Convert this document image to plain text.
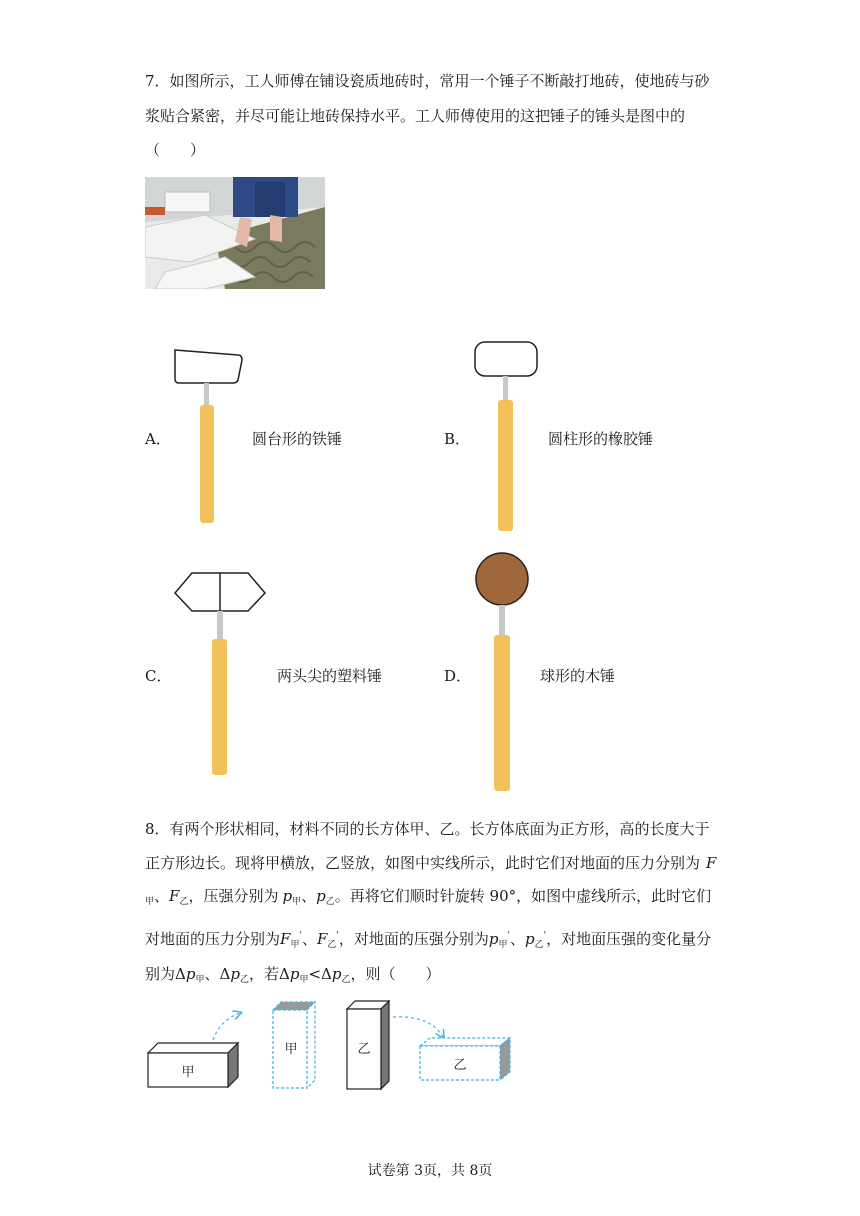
7．如图所示，工人师傅在铺设瓷质地砖时，常用一个锤子不断敲打地砖，使地砖与砂
浆贴合紧密，并尽可能让地砖保持水平。工人师傅使用的这把锤子的锤头是图中的
（　　）
A．	圆台形的铁锤	B．	圆柱形的橡胶锤
C．	两头尖的塑料锤	D．	球形的木锤
8．有两个形状相同，材料不同的长方体甲、乙。长方体底面为正方形，高的长度大于
正方形边长。现将甲横放，乙竖放，如图中实线所示，此时它们对地面的压力分别为 F
$_甲$、$F_乙$，压强分别为 $p_甲$、$p_乙$。再将它们顺时针旋转 90°，如图中虚线所示，此时它们
对地面的压力分别为$F_甲'$、$F_乙'$，对地面的压强分别为$p_甲'$、$p_乙'$，对地面压强的变化量分
别为$\Delta p_甲$、$\Delta p_乙$，若$\Delta p_甲<\Delta p_乙$，则（　　）
甲
甲	乙
乙
试卷第 3页，共 8页
